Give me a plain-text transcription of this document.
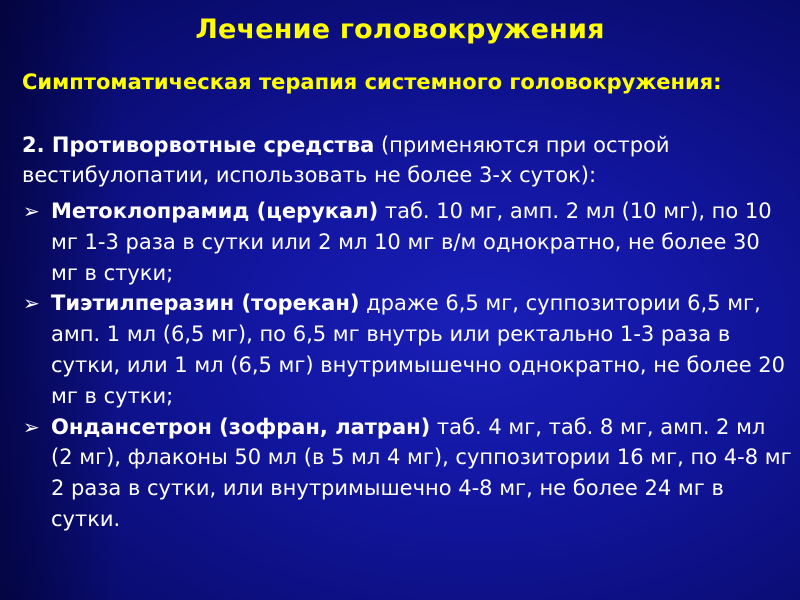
Лечение головокружения
Симптоматическая терапия системного головокружения:
2. Противорвотные средства (применяются при острой вестибулопатии, использовать не более 3-х суток):
➢ Метоклопрамид (церукал) таб. 10 мг, амп. 2 мл (10 мг), по 10 мг 1-3 раза в сутки или 2 мл 10 мг в/м однократно, не более 30 мг в стуки;
➢ Тиэтилперазин (торекан) драже 6,5 мг, суппозитории 6,5 мг, амп. 1 мл (6,5 мг), по 6,5 мг внутрь или ректально 1-3 раза в сутки, или 1 мл (6,5 мг) внутримышечно однократно, не более 20 мг в сутки;
➢ Ондансетрон (зофран, латран) таб. 4 мг, таб. 8 мг, амп. 2 мл (2 мг), флаконы 50 мл (в 5 мл 4 мг), суппозитории 16 мг, по 4-8 мг 2 раза в сутки, или внутримышечно 4-8 мг, не более 24 мг в сутки.
